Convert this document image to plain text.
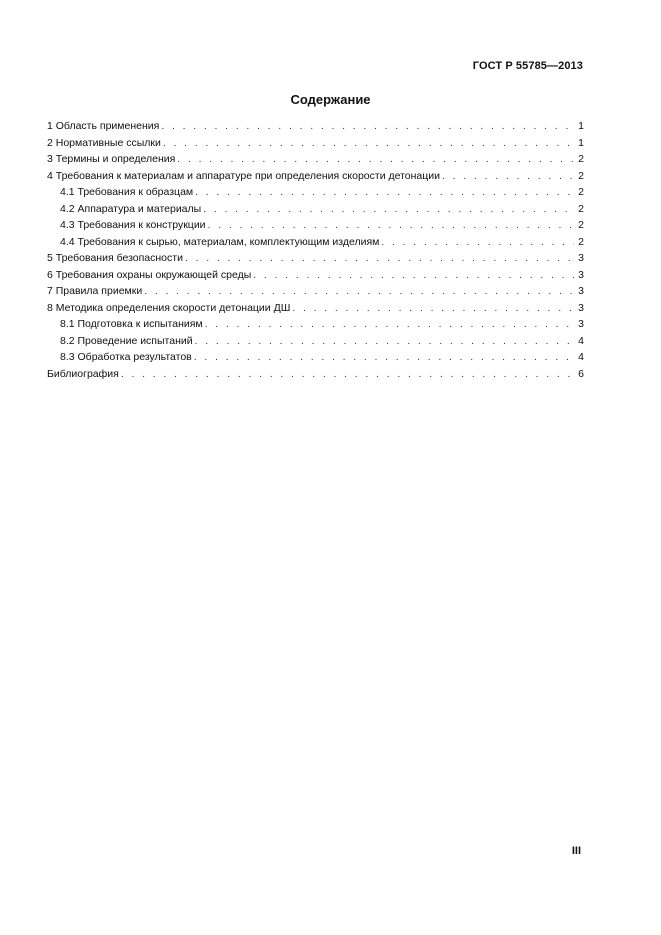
ГОСТ Р 55785—2013
Содержание
1 Область применения . . .	1
2 Нормативные ссылки . . .	1
3 Термины и определения . . .	2
4 Требования к материалам и аппаратуре при определения скорости детонации . . .	2
4.1 Требования к образцам . . .	2
4.2 Аппаратура и материалы . . .	2
4.3 Требования к конструкции . . .	2
4.4 Требования к сырью, материалам, комплектующим изделиям . . .	2
5 Требования безопасности . . .	3
6 Требования охраны окружающей среды . . .	3
7 Правила приемки . . .	3
8 Методика определения скорости детонации ДШ . . .	3
8.1 Подготовка к испытаниям . . .	3
8.2 Проведение испытаний . . .	4
8.3 Обработка результатов . . .	4
Библиография . . .	6
III
